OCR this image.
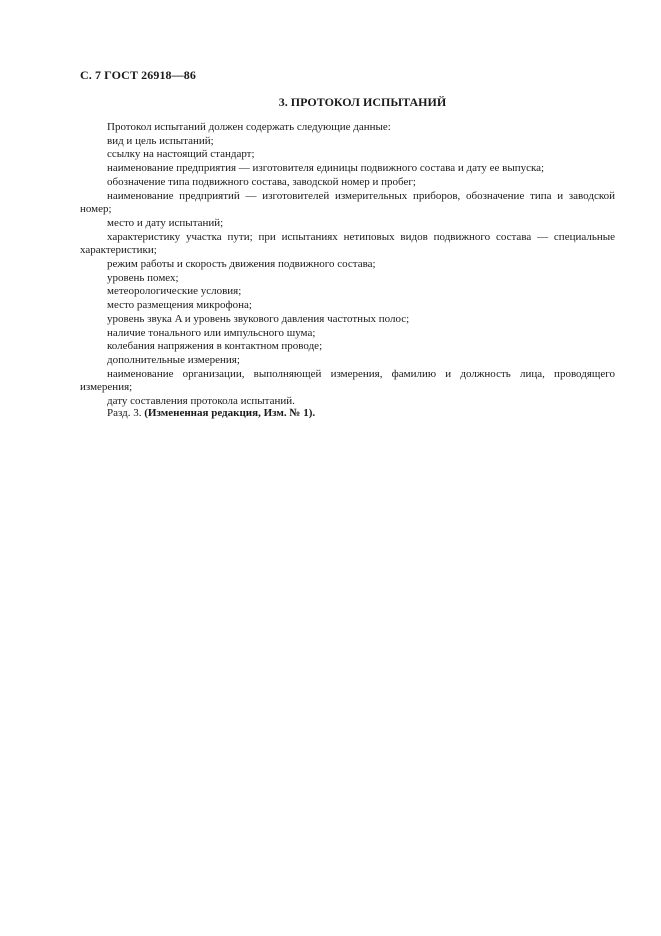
С. 7 ГОСТ 26918—86
3. ПРОТОКОЛ ИСПЫТАНИЙ

Протокол испытаний должен содержать следующие данные:

вид и цель испытаний;

ссылку на настоящий стандарт;

наименование предприятия — изготовителя единицы подвижного состава и дату ее выпуска;

обозначение типа подвижного состава, заводской номер и пробег;

наименование предприятий — изготовителей измерительных приборов, обозначение типа и заводской номер;

место и дату испытаний;

характеристику участка пути; при испытаниях нетиповых видов подвижного состава — специальные характеристики;

режим работы и скорость движения подвижного состава;

уровень помех;

метеорологические условия;

место размещения микрофона;

уровень звука A и уровень звукового давления частотных полос;

наличие тонального или импульсного шума;

колебания напряжения в контактном проводе;

дополнительные измерения;

наименование организации, выполняющей измерения, фамилию и должность лица, проводящего измерения;

дату составления протокола испытаний.

Разд. 3. (Измененная редакция, Изм. № 1).
